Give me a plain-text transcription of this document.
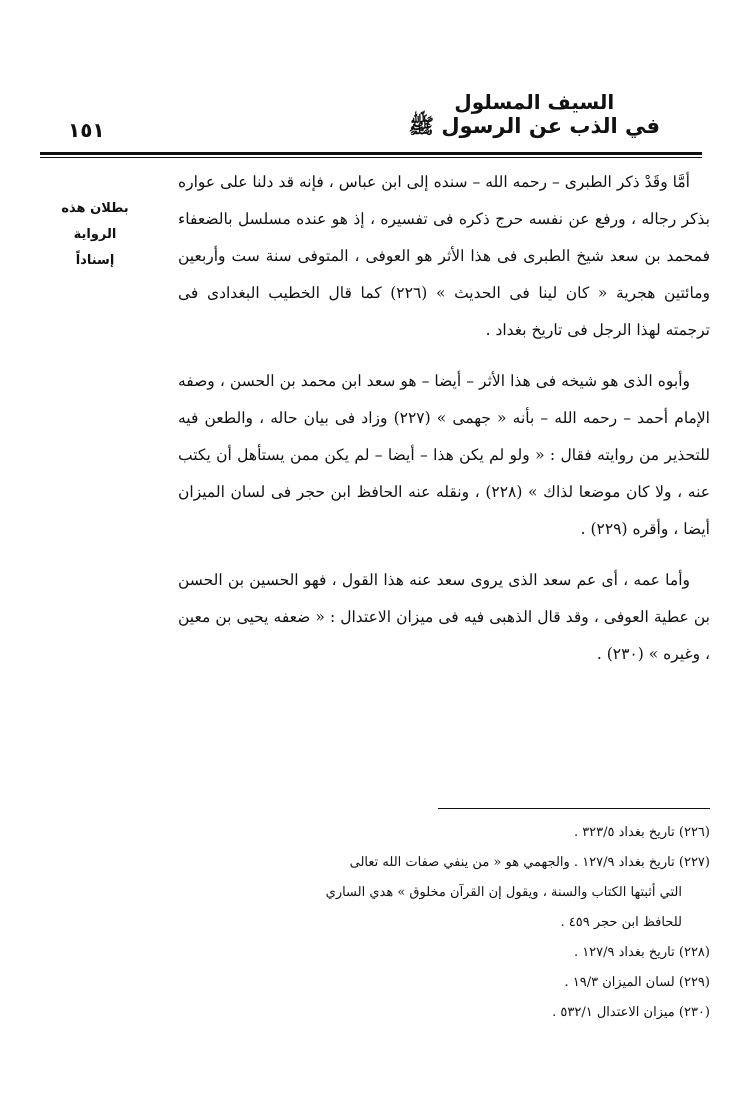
السيف المسلول
في الذب عن الرسول ﷺ
١٥١
بطلان هذه الرواية
إسناداً

أمَّا وقَدْ ذكر الطبرى – رحمه الله – سنده إلى ابن عباس ، فإنه قد دلنا على عواره بذكر رجاله ، ورفع عن نفسه حرج ذكره فى تفسيره ، إذ هو عنده مسلسل بالضعفاء فمحمد بن سعد شيخ الطبرى فى هذا الأثر هو العوفى ، المتوفى سنة ست وأربعين ومائتين هجرية « كان لينا فى الحديث » (٢٢٦) كما قال الخطيب البغدادى فى ترجمته لهذا الرجل فى تاريخ بغداد .

وأبوه الذى هو شيخه فى هذا الأثر – أيضا – هو سعد ابن محمد بن الحسن ، وصفه الإمام أحمد – رحمه الله – بأنه « جهمى » (٢٢٧) وزاد فى بيان حاله ، والطعن فيه للتحذير من روايته فقال : « ولو لم يكن هذا – أيضا – لم يكن ممن يستأهل أن يكتب عنه ، ولا كان موضعا لذاك » (٢٢٨) ، ونقله عنه الحافظ ابن حجر فى لسان الميزان أيضا ، وأقره (٢٢٩) .

وأما عمه ، أى عم سعد الذى يروى سعد عنه هذا القول ، فهو الحسين بن الحسن بن عطية العوفى ، وقد قال الذهبى فيه فى ميزان الاعتدال : « ضعفه يحيى بن معين ، وغيره » (٢٣٠) .

(٢٢٦) تاريخ بغداد ٣٢٣/٥ .
(٢٢٧) تاريخ بغداد ١٢٧/٩ . والجهمي هو « من ينفي صفات الله تعالى
التي أثبتها الكتاب والسنة ، ويقول إن القرآن مخلوق » هدي الساري
للحافظ ابن حجر ٤٥٩ .
(٢٢٨) تاريخ بغداد ١٢٧/٩ .
(٢٢٩) لسان الميزان ١٩/٣ .
(٢٣٠) ميزان الاعتدال ٥٣٢/١ .
